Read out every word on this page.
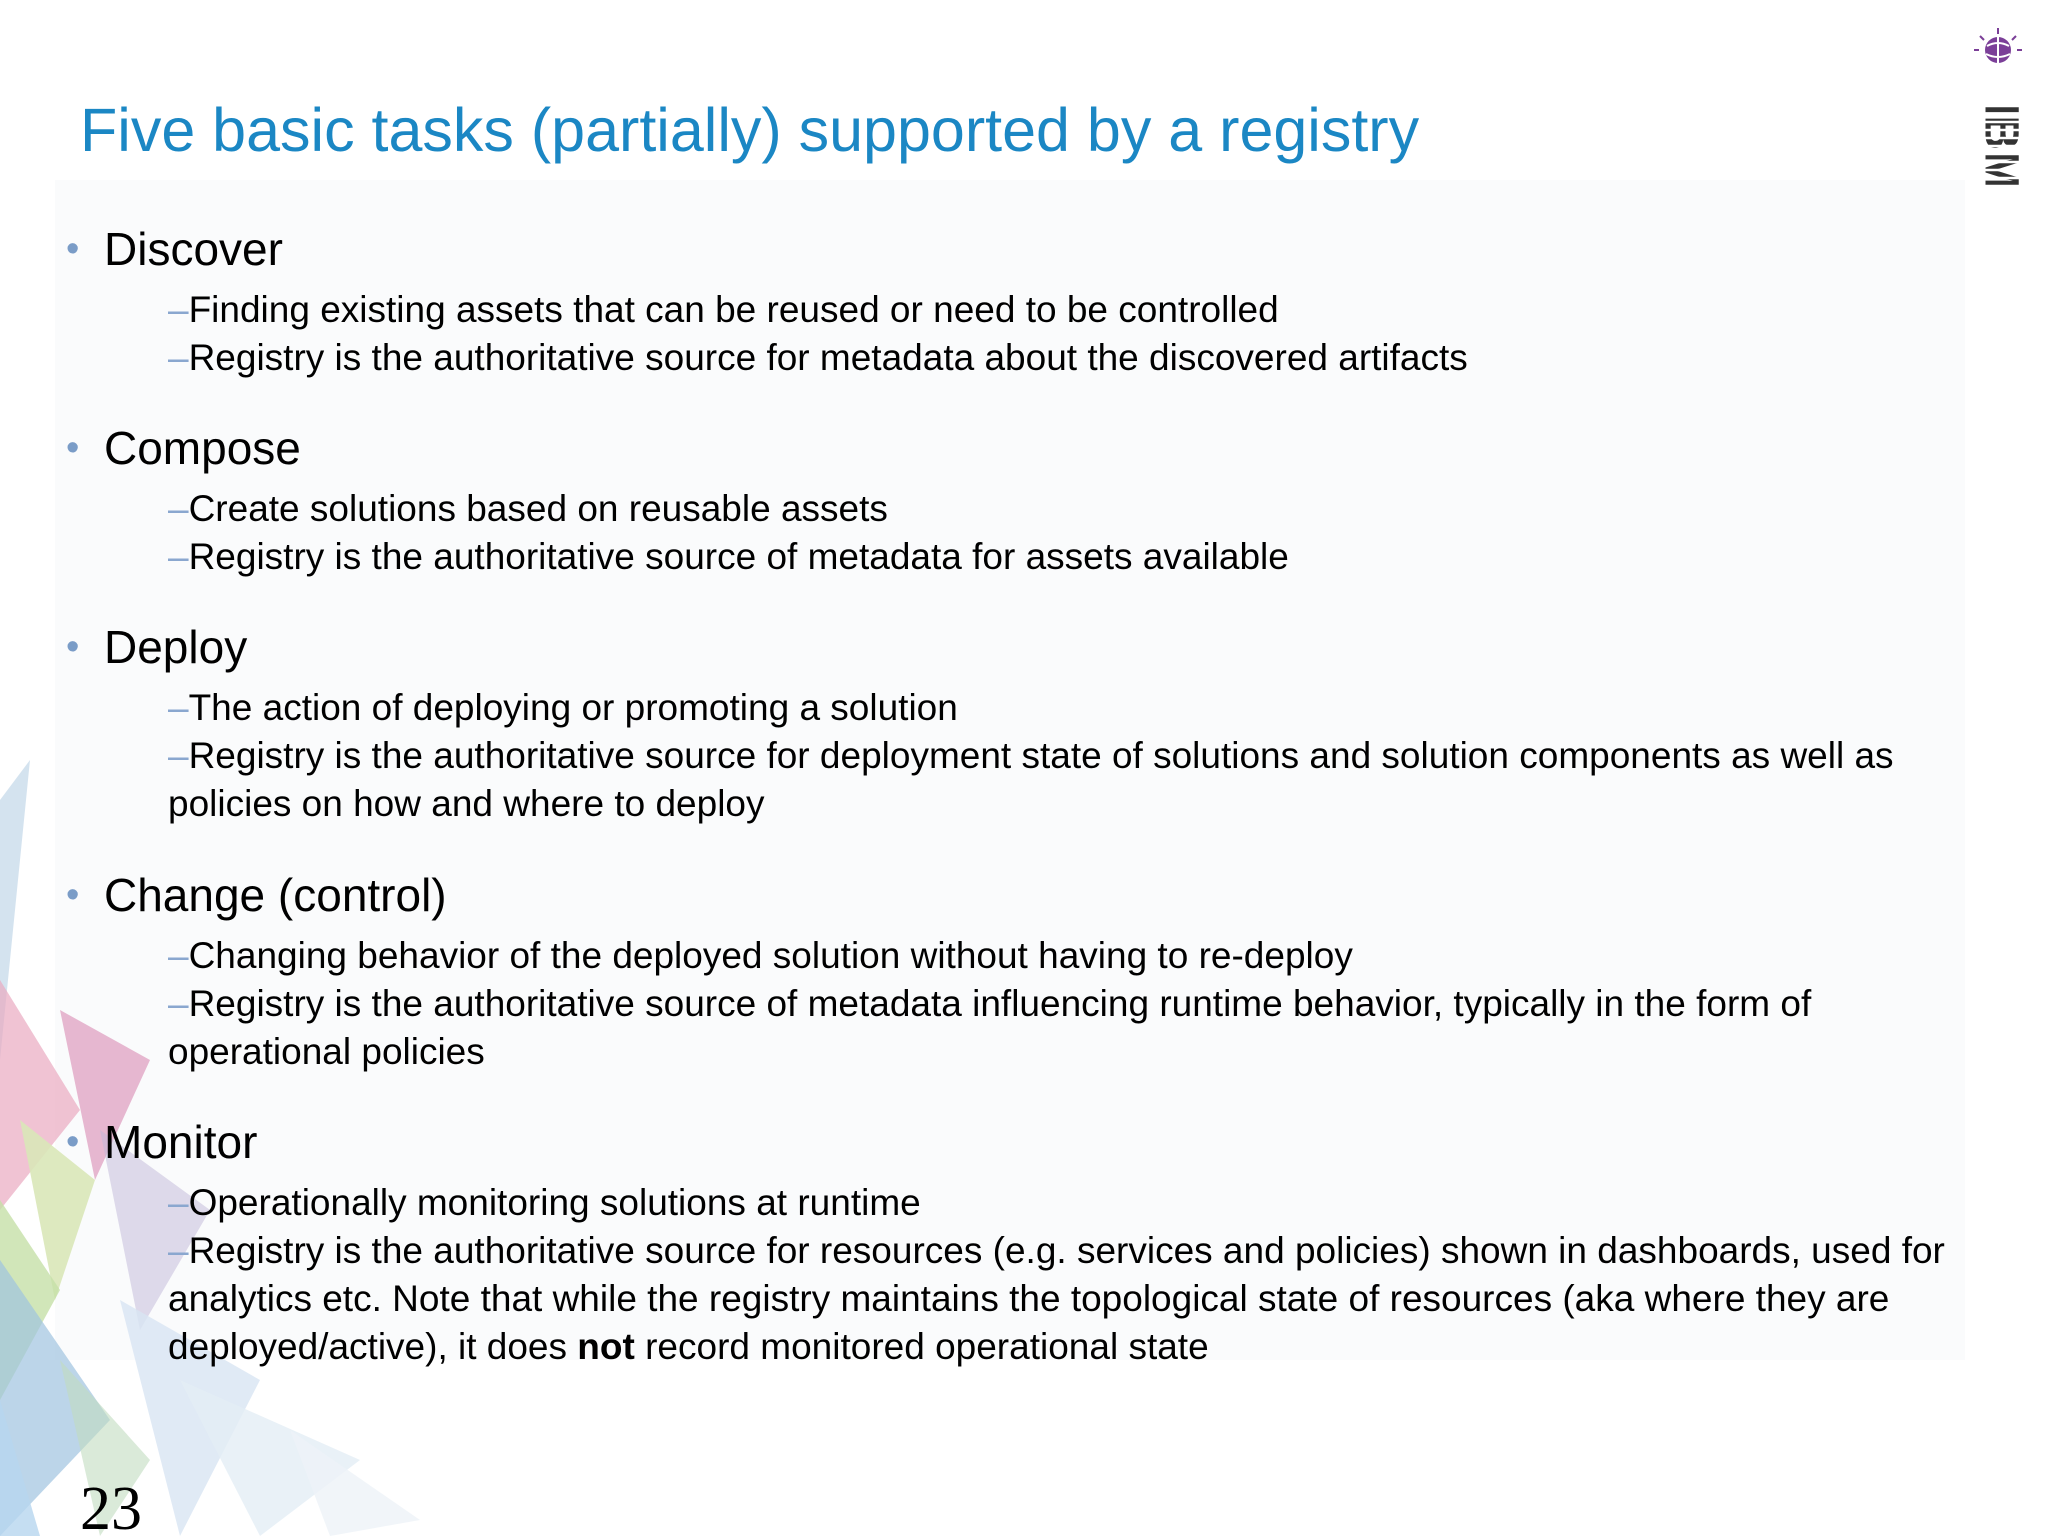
Five basic tasks (partially) supported by a registry	IBM
• Discover
–Finding existing assets that can be reused or need to be controlled
–Registry is the authoritative source for metadata about the discovered artifacts
• Compose
–Create solutions based on reusable assets
–Registry is the authoritative source of metadata for assets available
• Deploy
–The action of deploying or promoting a solution
–Registry is the authoritative source for deployment state of solutions and solution components as well as policies on how and where to deploy
• Change (control)
–Changing behavior of the deployed solution without having to re-deploy
–Registry is the authoritative source of metadata influencing runtime behavior, typically in the form of operational policies
• Monitor
–Operationally monitoring solutions at runtime
–Registry is the authoritative source for resources (e.g. services and policies) shown in dashboards, used for analytics etc. Note that while the registry maintains the topological state of resources (aka where they are deployed/active), it does not record monitored operational state
23
